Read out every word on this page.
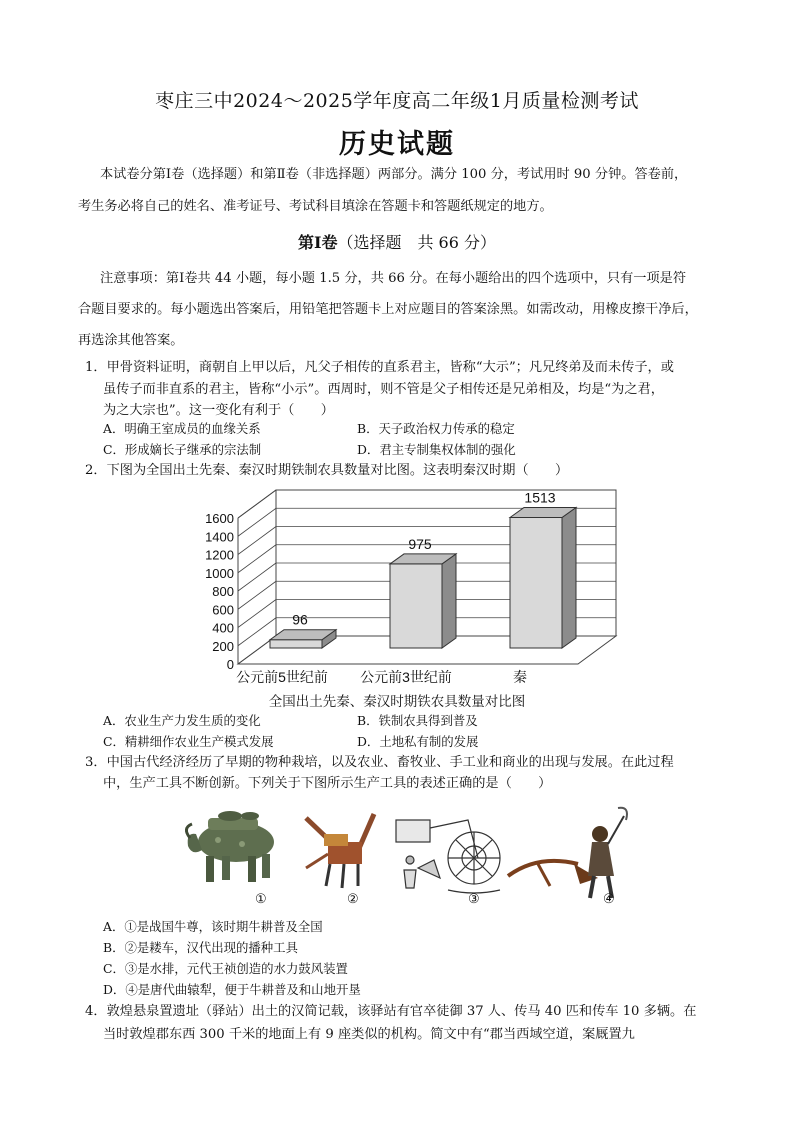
枣庄三中2024～2025学年度高二年级1月质量检测考试
历史试题
本试卷分第Ⅰ卷（选择题）和第Ⅱ卷（非选择题）两部分。满分 100 分，考试用时 90 分钟。答卷前，
考生务必将自己的姓名、准考证号、考试科目填涂在答题卡和答题纸规定的地方。
第Ⅰ卷（选择题　共 66 分）
注意事项：第Ⅰ卷共 44 小题，每小题 1.5 分，共 66 分。在每小题给出的四个选项中，只有一项是符
合题目要求的。每小题选出答案后，用铅笔把答题卡上对应题目的答案涂黑。如需改动，用橡皮擦干净后，
再选涂其他答案。
1．甲骨资料证明，商朝自上甲以后，凡父子相传的直系君主，皆称“大示”；凡兄终弟及而未传子，或
虽传子而非直系的君主，皆称“小示”。西周时，则不管是父子相传还是兄弟相及，均是“为之君，
为之大宗也”。这一变化有利于（　　）
A．明确王室成员的血缘关系	B．天子政治权力传承的稳定
C．形成嫡长子继承的宗法制	D．君主专制集权体制的强化
2．下图为全国出土先秦、秦汉时期铁制农具数量对比图。这表明秦汉时期（　　）
0
200
400
600
800
1000
1200
1400
1600
96
975
1513
公元前5世纪前 公元前3世纪前	秦
全国出土先秦、秦汉时期铁农具数量对比图
A．农业生产力发生质的变化	B．铁制农具得到普及
C．精耕细作农业生产模式发展	D．土地私有制的发展
3．中国古代经济经历了早期的物种栽培，以及农业、畜牧业、手工业和商业的出现与发展。在此过程
中，生产工具不断创新。下列关于下图所示生产工具的表述正确的是（　　）
①	②	③	④
A．①是战国牛尊，该时期牛耕普及全国
B．②是耧车，汉代出现的播种工具
C．③是水排，元代王祯创造的水力鼓风装置
D．④是唐代曲辕犁，便于牛耕普及和山地开垦
4．敦煌悬泉置遗址（驿站）出土的汉简记载，该驿站有官卒徒御 37 人、传马 40 匹和传车 10 多辆。在
当时敦煌郡东西 300 千米的地面上有 9 座类似的机构。简文中有“郡当西域空道，案厩置九
